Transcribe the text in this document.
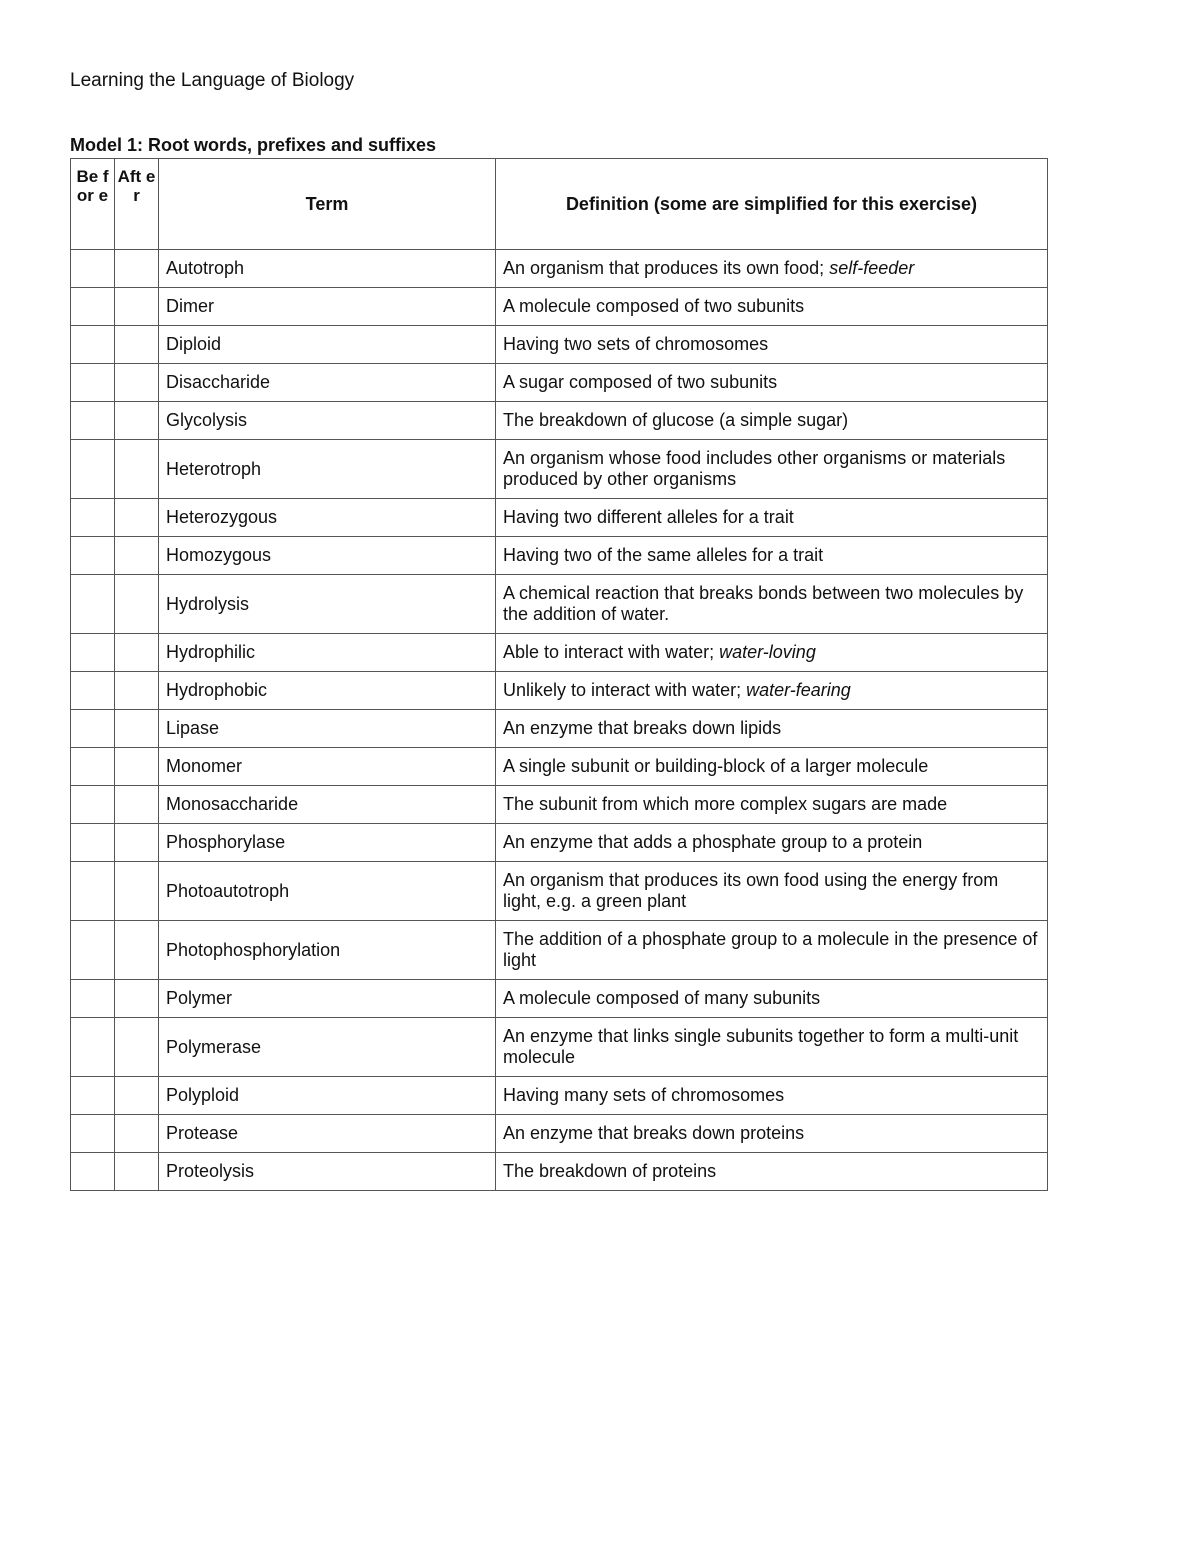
Learning the Language of Biology
Model 1: Root words, prefixes and suffixes
Be for e	Aft er	Term	Definition (some are simplified for this exercise)
		Autotroph	An organism that produces its own food; self-feeder
		Dimer	A molecule composed of two subunits
		Diploid	Having two sets of chromosomes
		Disaccharide	A sugar composed of two subunits
		Glycolysis	The breakdown of glucose (a simple sugar)
		Heterotroph	An organism whose food includes other organisms or materials produced by other organisms
		Heterozygous	Having two different alleles for a trait
		Homozygous	Having two of the same alleles for a trait
		Hydrolysis	A chemical reaction that breaks bonds between two molecules by the addition of water.
		Hydrophilic	Able to interact with water; water-loving
		Hydrophobic	Unlikely to interact with water; water-fearing
		Lipase	An enzyme that breaks down lipids
		Monomer	A single subunit or building-block of a larger molecule
		Monosaccharide	The subunit from which more complex sugars are made
		Phosphorylase	An enzyme that adds a phosphate group to a protein
		Photoautotroph	An organism that produces its own food using the energy from light, e.g. a green plant
		Photophosphorylation	The addition of a phosphate group to a molecule in the presence of light
		Polymer	A molecule composed of many subunits
		Polymerase	An enzyme that links single subunits together to form a multi-unit molecule
		Polyploid	Having many sets of chromosomes
		Protease	An enzyme that breaks down proteins
		Proteolysis	The breakdown of proteins
